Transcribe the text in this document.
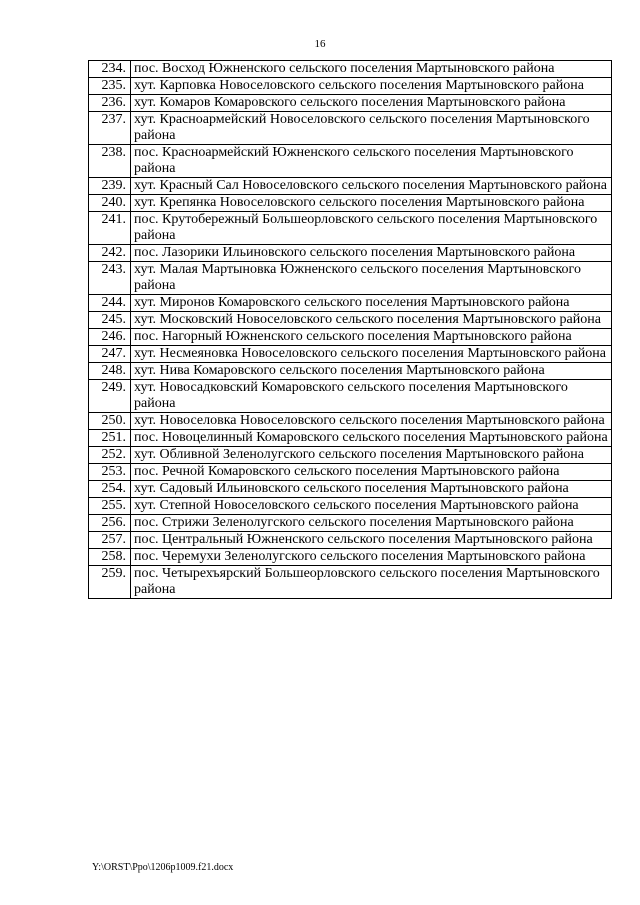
16
234.	пос. Восход Южненского сельского поселения Мартыновского района
235.	хут. Карповка Новоселовского сельского поселения Мартыновского района
236.	хут. Комаров Комаровского сельского поселения Мартыновского района
237.	хут. Красноармейский Новоселовского сельского поселения Мартыновского района
238.	пос. Красноармейский Южненского сельского поселения Мартыновского района
239.	хут. Красный Сал Новоселовского сельского поселения Мартыновского района
240.	хут. Крепянка Новоселовского сельского поселения Мартыновского района
241.	пос. Крутобережный Большеорловского сельского поселения Мартыновского района
242.	пос. Лазорики Ильиновского сельского поселения Мартыновского района
243.	хут. Малая Мартыновка Южненского сельского поселения Мартыновского района
244.	хут. Миронов Комаровского сельского поселения Мартыновского района
245.	хут. Московский Новоселовского сельского поселения Мартыновского района
246.	пос. Нагорный Южненского сельского поселения Мартыновского района
247.	хут. Несмеяновка Новоселовского сельского поселения Мартыновского района
248.	хут. Нива Комаровского сельского поселения Мартыновского района
249.	хут. Новосадковский Комаровского сельского поселения Мартыновского района
250.	хут. Новоселовка Новоселовского сельского поселения Мартыновского района
251.	пос. Новоцелинный Комаровского сельского поселения Мартыновского района
252.	хут. Обливной Зеленолугского сельского поселения Мартыновского района
253.	пос. Речной Комаровского сельского поселения Мартыновского района
254.	хут. Садовый Ильиновского сельского поселения Мартыновского района
255.	хут. Степной Новоселовского сельского поселения Мартыновского района
256.	пос. Стрижи Зеленолугского сельского поселения Мартыновского района
257.	пос. Центральный Южненского сельского поселения Мартыновского района
258.	пос. Черемухи Зеленолугского сельского поселения Мартыновского района
259.	пос. Четырехъярский Большеорловского сельского поселения Мартыновского района
Y:\ORST\Ppo\1206p1009.f21.docx
